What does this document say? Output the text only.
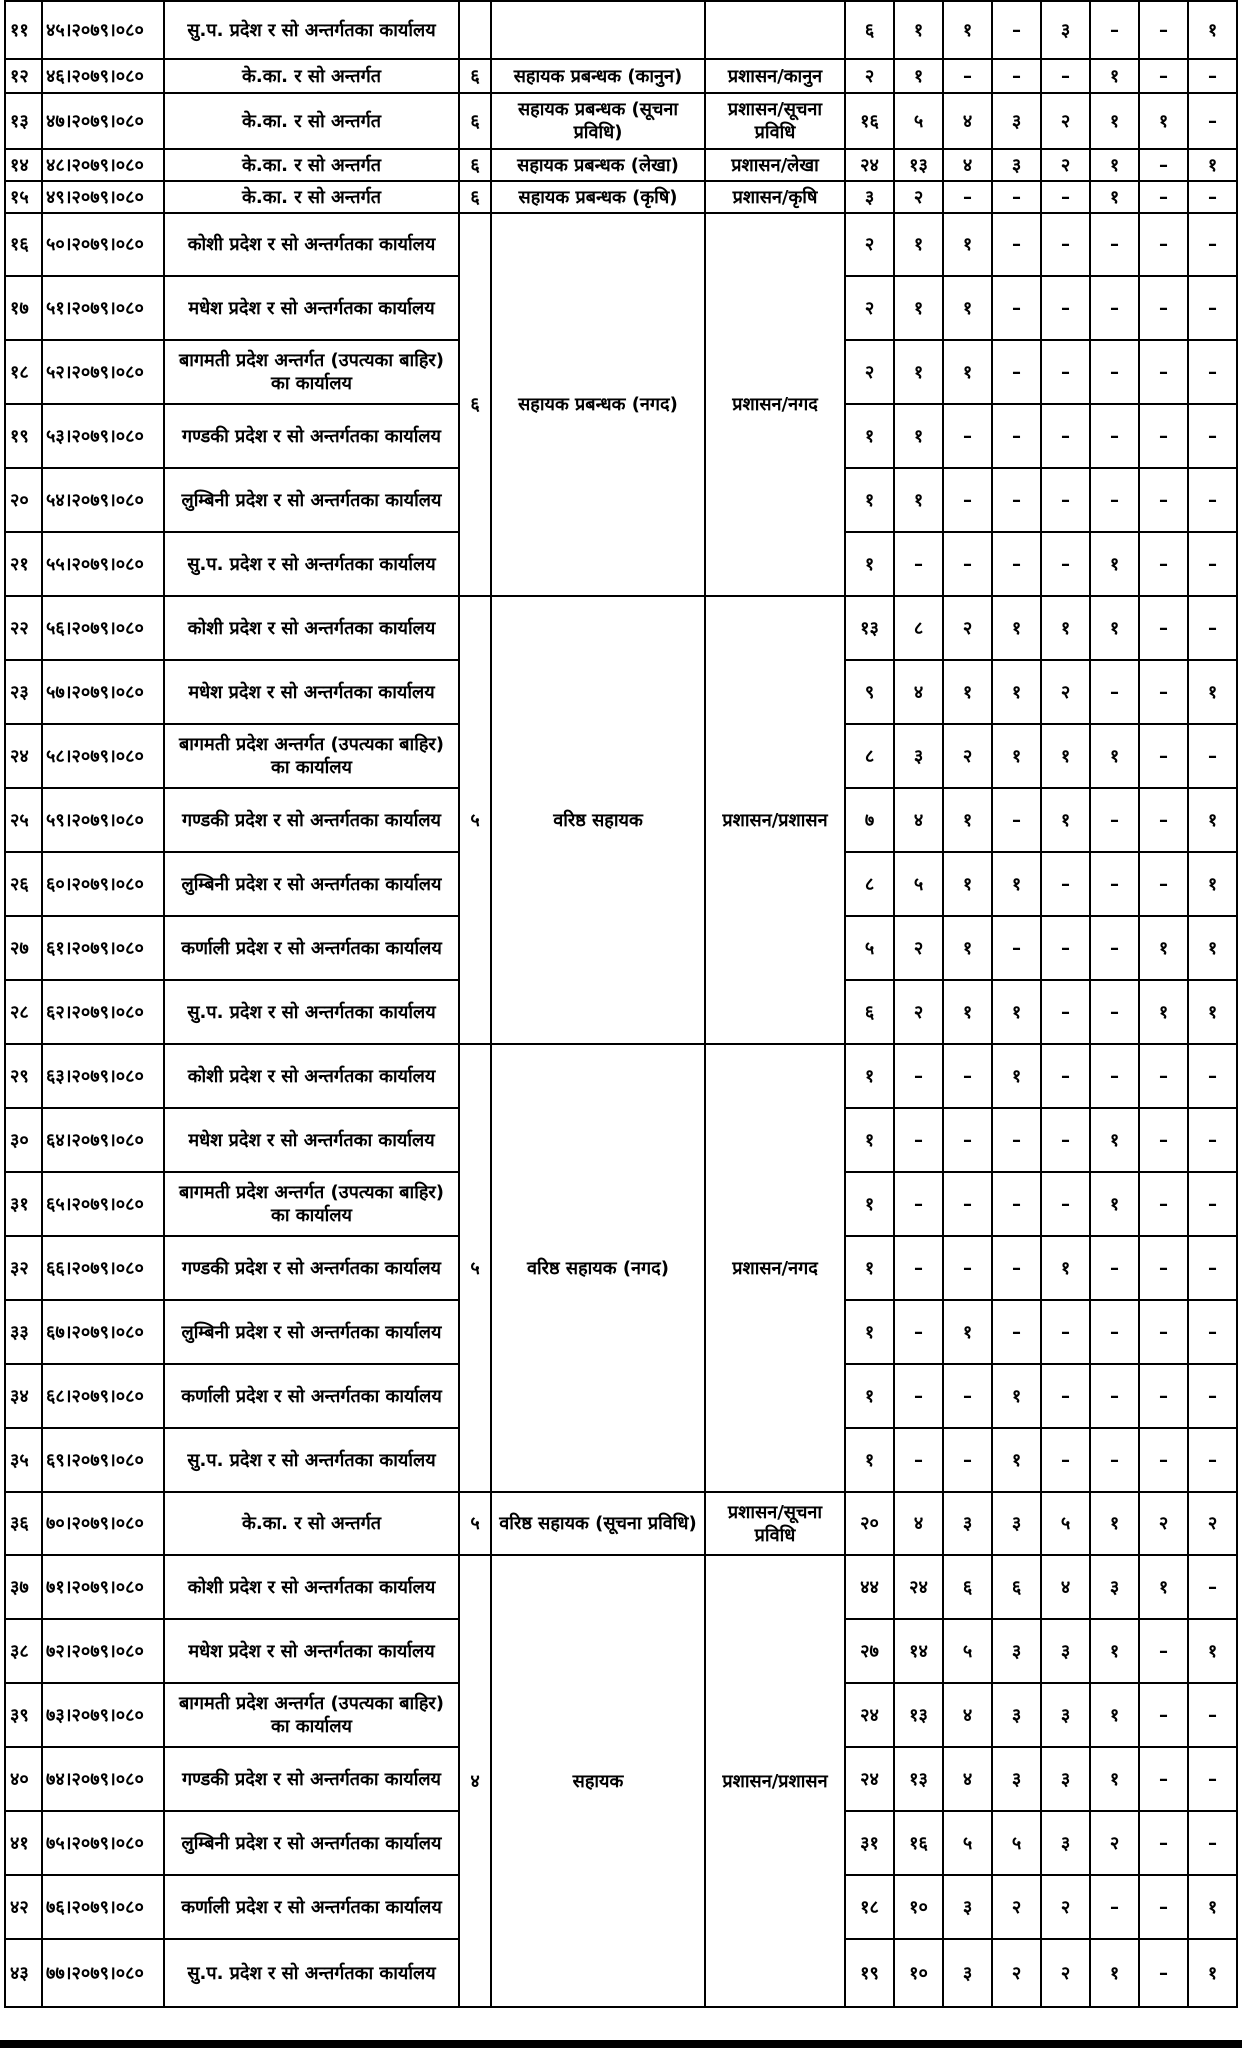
११	४५।२०७९।०८०	सु.प. प्रदेश र सो अन्तर्गतका कार्यालय				६	१	१	–	३	–	–	१
१२	४६।२०७९।०८०	के.का. र सो अन्तर्गत	६	सहायक प्रबन्धक (कानुन)	प्रशासन/कानुन	२	१	–	–	–	१	–	–
१३	४७।२०७९।०८०	के.का. र सो अन्तर्गत	६	सहायक प्रबन्धक (सूचना प्रविधि)	प्रशासन/सूचना प्रविधि	१६	५	४	३	२	१	१	–
१४	४८।२०७९।०८०	के.का. र सो अन्तर्गत	६	सहायक प्रबन्धक (लेखा)	प्रशासन/लेखा	२४	१३	४	३	२	१	–	१
१५	४९।२०७९।०८०	के.का. र सो अन्तर्गत	६	सहायक प्रबन्धक (कृषि)	प्रशासन/कृषि	३	२	–	–	–	१	–	–
१६	५०।२०७९।०८०	कोशी प्रदेश र सो अन्तर्गतका कार्यालय	६	सहायक प्रबन्धक (नगद)	प्रशासन/नगद	२	१	१	–	–	–	–	–
१७	५१।२०७९।०८०	मधेश प्रदेश र सो अन्तर्गतका कार्यालय				२	१	१	–	–	–	–	–
१८	५२।२०७९।०८०	बागमती प्रदेश अन्तर्गत (उपत्यका बाहिर) का कार्यालय				२	१	१	–	–	–	–	–
१९	५३।२०७९।०८०	गण्डकी प्रदेश र सो अन्तर्गतका कार्यालय				१	१	–	–	–	–	–	–
२०	५४।२०७९।०८०	लुम्बिनी प्रदेश र सो अन्तर्गतका कार्यालय				१	१	–	–	–	–	–	–
२१	५५।२०७९।०८०	सु.प. प्रदेश र सो अन्तर्गतका कार्यालय				१	–	–	–	–	१	–	–
२२	५६।२०७९।०८०	कोशी प्रदेश र सो अन्तर्गतका कार्यालय	५	वरिष्ठ सहायक	प्रशासन/प्रशासन	१३	८	२	१	१	१	–	–
२३	५७।२०७९।०८०	मधेश प्रदेश र सो अन्तर्गतका कार्यालय				९	४	१	१	२	–	–	१
२४	५८।२०७९।०८०	बागमती प्रदेश अन्तर्गत (उपत्यका बाहिर) का कार्यालय				८	३	२	१	१	१	–	–
२५	५९।२०७९।०८०	गण्डकी प्रदेश र सो अन्तर्गतका कार्यालय				७	४	१	–	१	–	–	१
२६	६०।२०७९।०८०	लुम्बिनी प्रदेश र सो अन्तर्गतका कार्यालय				८	५	१	१	–	–	–	१
२७	६१।२०७९।०८०	कर्णाली प्रदेश र सो अन्तर्गतका कार्यालय				५	२	१	–	–	–	१	१
२८	६२।२०७९।०८०	सु.प. प्रदेश र सो अन्तर्गतका कार्यालय				६	२	१	१	–	–	१	१
२९	६३।२०७९।०८०	कोशी प्रदेश र सो अन्तर्गतका कार्यालय	५	वरिष्ठ सहायक (नगद)	प्रशासन/नगद	१	–	–	१	–	–	–	–
३०	६४।२०७९।०८०	मधेश प्रदेश र सो अन्तर्गतका कार्यालय				१	–	–	–	–	१	–	–
३१	६५।२०७९।०८०	बागमती प्रदेश अन्तर्गत (उपत्यका बाहिर) का कार्यालय				१	–	–	–	–	१	–	–
३२	६६।२०७९।०८०	गण्डकी प्रदेश र सो अन्तर्गतका कार्यालय				१	–	–	–	१	–	–	–
३३	६७।२०७९।०८०	लुम्बिनी प्रदेश र सो अन्तर्गतका कार्यालय				१	–	१	–	–	–	–	–
३४	६८।२०७९।०८०	कर्णाली प्रदेश र सो अन्तर्गतका कार्यालय				१	–	–	१	–	–	–	–
३५	६९।२०७९।०८०	सु.प. प्रदेश र सो अन्तर्गतका कार्यालय				१	–	–	१	–	–	–	–
३६	७०।२०७९।०८०	के.का. र सो अन्तर्गत	५	वरिष्ठ सहायक (सूचना प्रविधि)	प्रशासन/सूचना प्रविधि	२०	४	३	३	५	१	२	२
३७	७१।२०७९।०८०	कोशी प्रदेश र सो अन्तर्गतका कार्यालय	४	सहायक	प्रशासन/प्रशासन	४४	२४	६	६	४	३	१	–
३८	७२।२०७९।०८०	मधेश प्रदेश र सो अन्तर्गतका कार्यालय				२७	१४	५	३	३	१	–	१
३९	७३।२०७९।०८०	बागमती प्रदेश अन्तर्गत (उपत्यका बाहिर) का कार्यालय				२४	१३	४	३	३	१	–	–
४०	७४।२०७९।०८०	गण्डकी प्रदेश र सो अन्तर्गतका कार्यालय				२४	१३	४	३	३	१	–	–
४१	७५।२०७९।०८०	लुम्बिनी प्रदेश र सो अन्तर्गतका कार्यालय				३१	१६	५	५	३	२	–	–
४२	७६।२०७९।०८०	कर्णाली प्रदेश र सो अन्तर्गतका कार्यालय				१८	१०	३	२	२	–	–	१
४३	७७।२०७९।०८०	सु.प. प्रदेश र सो अन्तर्गतका कार्यालय				१९	१०	३	२	२	१	–	१
